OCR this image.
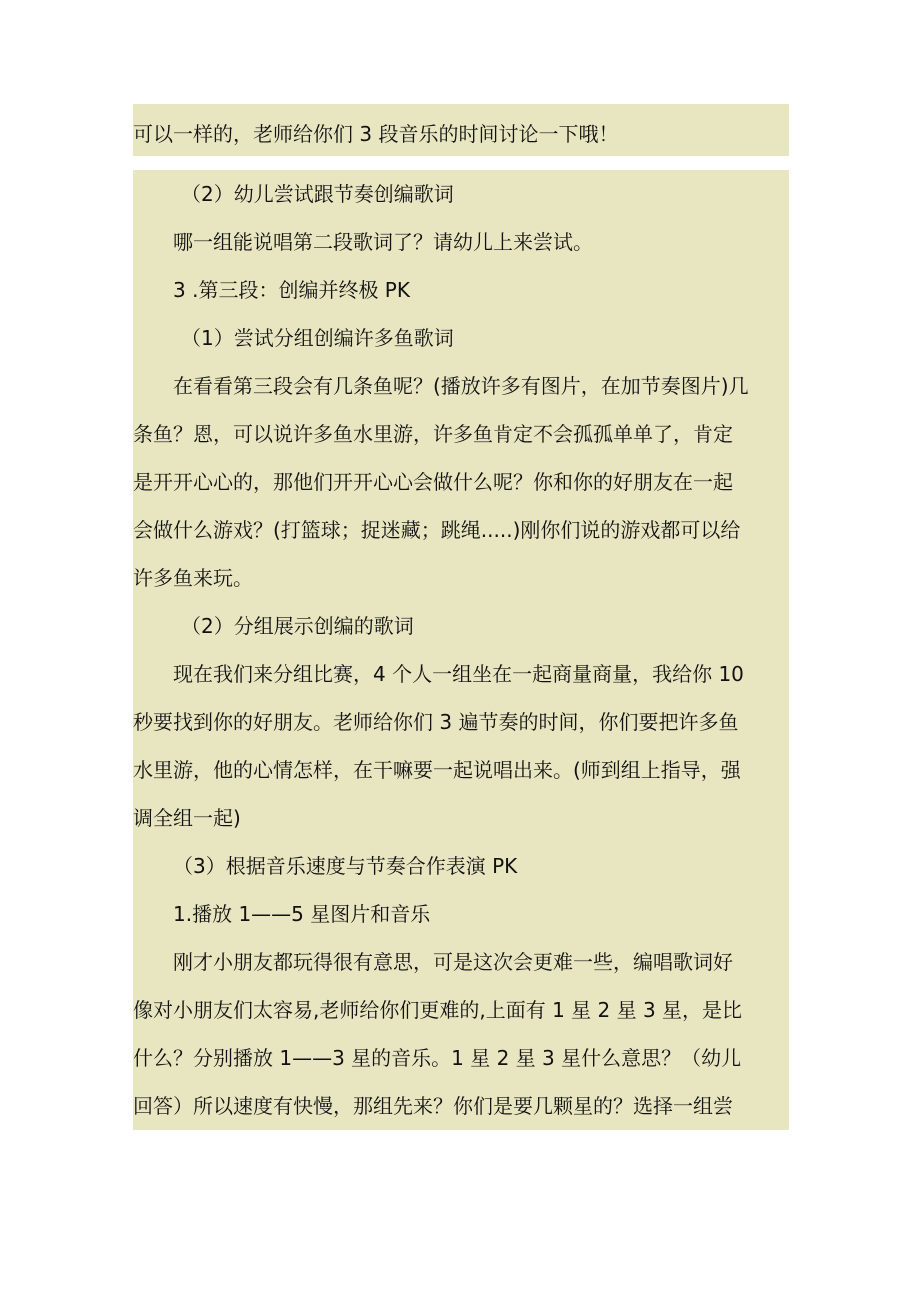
可以一样的，老师给你们 3 段音乐的时间讨论一下哦！
（2）幼儿尝试跟节奏创编歌词
哪一组能说唱第二段歌词了？请幼儿上来尝试。
3 .第三段：创编并终极 PK
（1）尝试分组创编许多鱼歌词
在看看第三段会有几条鱼呢？(播放许多有图片，在加节奏图片)几
条鱼？恩，可以说许多鱼水里游，许多鱼肯定不会孤孤单单了，肯定
是开开心心的，那他们开开心心会做什么呢？你和你的好朋友在一起
会做什么游戏？(打篮球；捉迷藏；跳绳.....)刚你们说的游戏都可以给
许多鱼来玩。
（2）分组展示创编的歌词
现在我们来分组比赛，4 个人一组坐在一起商量商量，我给你 10
秒要找到你的好朋友。老师给你们 3 遍节奏的时间，你们要把许多鱼
水里游，他的心情怎样，在干嘛要一起说唱出来。(师到组上指导，强
调全组一起)
（3）根据音乐速度与节奏合作表演 PK
1.播放 1——5 星图片和音乐
刚才小朋友都玩得很有意思，可是这次会更难一些，编唱歌词好
像对小朋友们太容易,老师给你们更难的,上面有 1 星 2 星 3 星，是比
什么？分别播放 1——3 星的音乐。1 星 2 星 3 星什么意思？（幼儿
回答）所以速度有快慢，那组先来？你们是要几颗星的？选择一组尝
